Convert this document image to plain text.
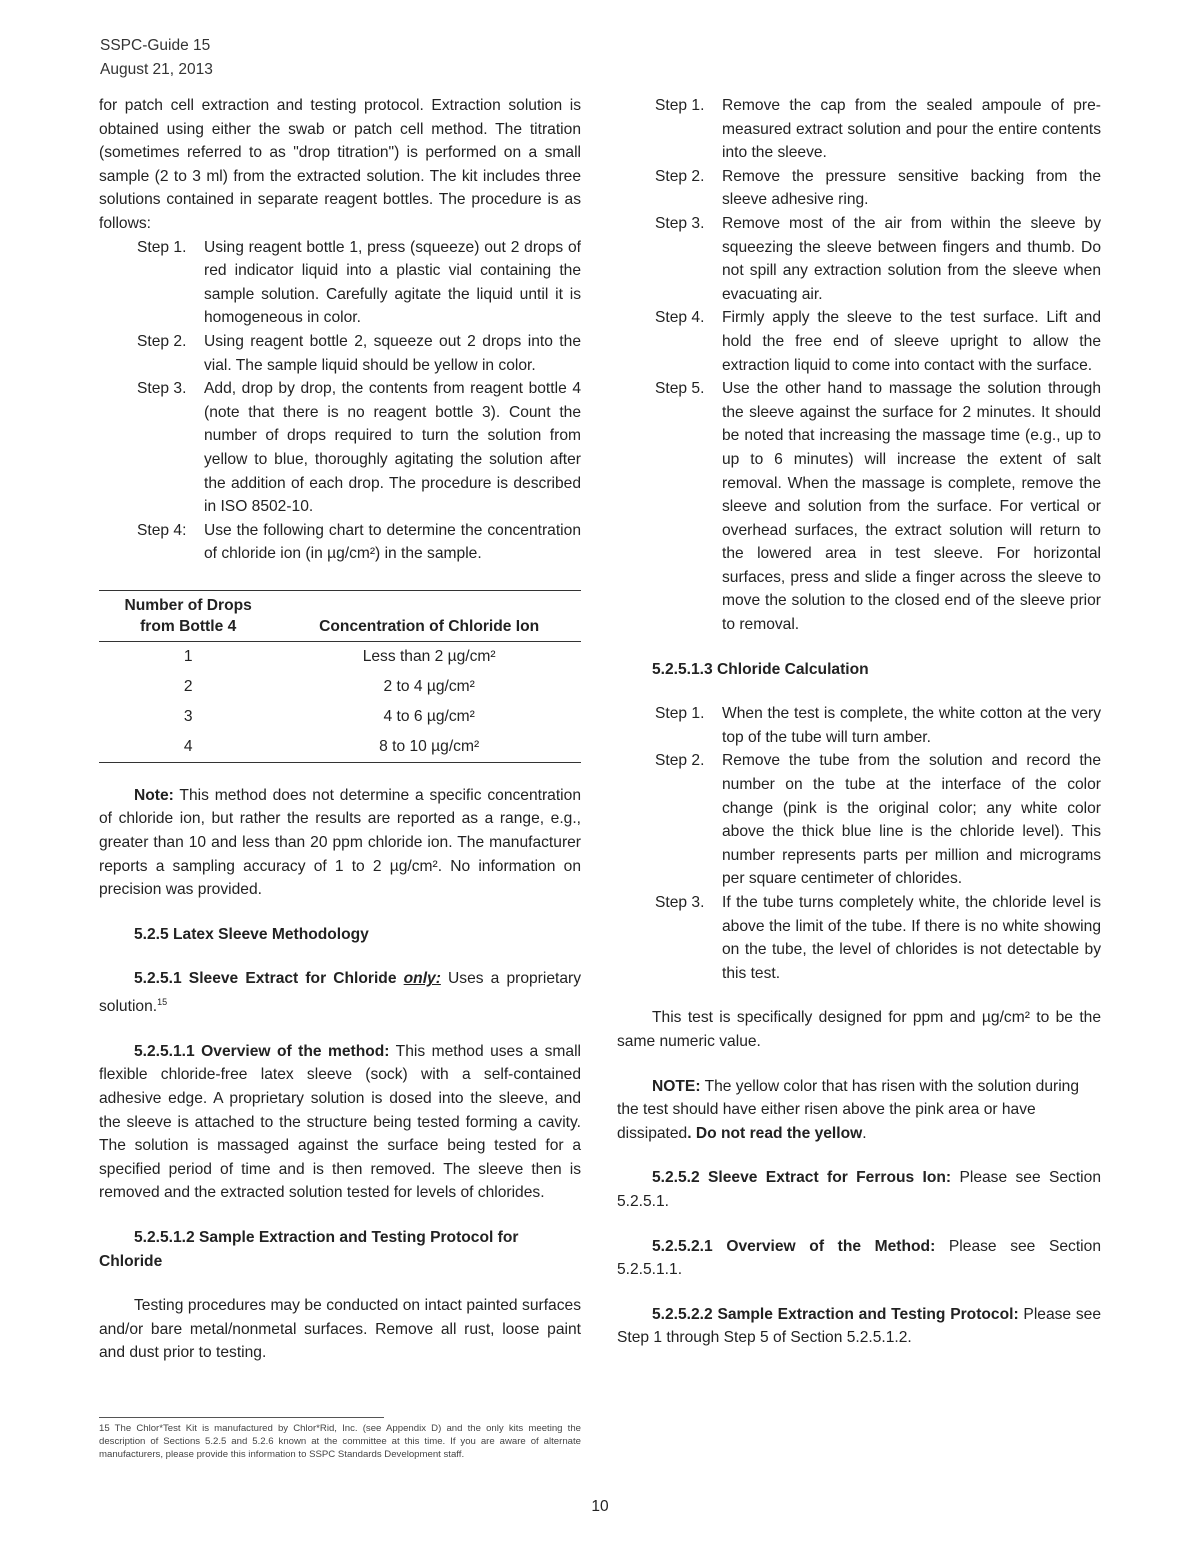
SSPC-Guide 15
August 21, 2013

for patch cell extraction and testing protocol. Extraction solution is obtained using either the swab or patch cell method. The titration (sometimes referred to as "drop titration") is performed on a small sample (2 to 3 ml) from the extracted solution. The kit includes three solutions contained in separate reagent bottles. The procedure is as follows:

Step 1.	Using reagent bottle 1, press (squeeze) out 2 drops of red indicator liquid into a plastic vial containing the sample solution. Carefully agitate the liquid until it is homogeneous in color.
Step 2.	Using reagent bottle 2, squeeze out 2 drops into the vial. The sample liquid should be yellow in color.
Step 3.	Add, drop by drop, the contents from reagent bottle 4 (note that there is no reagent bottle 3). Count the number of drops required to turn the solution from yellow to blue, thoroughly agitating the solution after the addition of each drop. The procedure is described in ISO 8502-10.
Step 4:	Use the following chart to determine the concentration of chloride ion (in µg/cm²) in the sample.
Number of Drops
from Bottle 4	Concentration of Chloride Ion
1	Less than 2 µg/cm²
2	2 to 4 µg/cm²
3	4 to 6 µg/cm²
4	8 to 10 µg/cm²

Note: This method does not determine a specific concentration of chloride ion, but rather the results are reported as a range, e.g., greater than 10 and less than 20 ppm chloride ion. The manufacturer reports a sampling accuracy of 1 to 2 µg/cm². No information on precision was provided.

5.2.5 Latex Sleeve Methodology

5.2.5.1 Sleeve Extract for Chloride only: Uses a proprietary solution.$^{15}$

5.2.5.1.1 Overview of the method: This method uses a small flexible chloride-free latex sleeve (sock) with a self-contained adhesive edge. A proprietary solution is dosed into the sleeve, and the sleeve is attached to the structure being tested forming a cavity. The solution is massaged against the surface being tested for a specified period of time and is then removed. The sleeve then is removed and the extracted solution tested for levels of chlorides.

5.2.5.1.2 Sample Extraction and Testing Protocol for Chloride

Testing procedures may be conducted on intact painted surfaces and/or bare metal/nonmetal surfaces. Remove all rust, loose paint and dust prior to testing.

15 The Chlor*Test Kit is manufactured by Chlor*Rid, Inc. (see Appendix D) and the only kits meeting the description of Sections 5.2.5 and 5.2.6 known at the committee at this time. If you are aware of alternate manufacturers, please provide this information to SSPC Standards Development staff.
Step 1.	Remove the cap from the sealed ampoule of pre-measured extract solution and pour the entire contents into the sleeve.
Step 2.	Remove the pressure sensitive backing from the sleeve adhesive ring.
Step 3.	Remove most of the air from within the sleeve by squeezing the sleeve between fingers and thumb. Do not spill any extraction solution from the sleeve when evacuating air.
Step 4.	Firmly apply the sleeve to the test surface. Lift and hold the free end of sleeve upright to allow the extraction liquid to come into contact with the surface.
Step 5.	Use the other hand to massage the solution through the sleeve against the surface for 2 minutes. It should be noted that increasing the massage time (e.g., up to up to 6 minutes) will increase the extent of salt removal. When the massage is complete, remove the sleeve and solution from the surface. For vertical or overhead surfaces, the extract solution will return to the lowered area in test sleeve. For horizontal surfaces, press and slide a finger across the sleeve to move the solution to the closed end of the sleeve prior to removal.

5.2.5.1.3 Chloride Calculation

Step 1.	When the test is complete, the white cotton at the very top of the tube will turn amber.
Step 2.	Remove the tube from the solution and record the number on the tube at the interface of the color change (pink is the original color; any white color above the thick blue line is the chloride level). This number represents parts per million and micrograms per square centimeter of chlorides.
Step 3.	If the tube turns completely white, the chloride level is above the limit of the tube. If there is no white showing on the tube, the level of chlorides is not detectable by this test.

This test is specifically designed for ppm and µg/cm² to be the same numeric value.

NOTE: The yellow color that has risen with the solution during the test should have either risen above the pink area or have dissipated. Do not read the yellow.

5.2.5.2 Sleeve Extract for Ferrous Ion: Please see Section 5.2.5.1.

5.2.5.2.1 Overview of the Method: Please see Section 5.2.5.1.1.

5.2.5.2.2 Sample Extraction and Testing Protocol: Please see Step 1 through Step 5 of Section 5.2.5.1.2.

10
